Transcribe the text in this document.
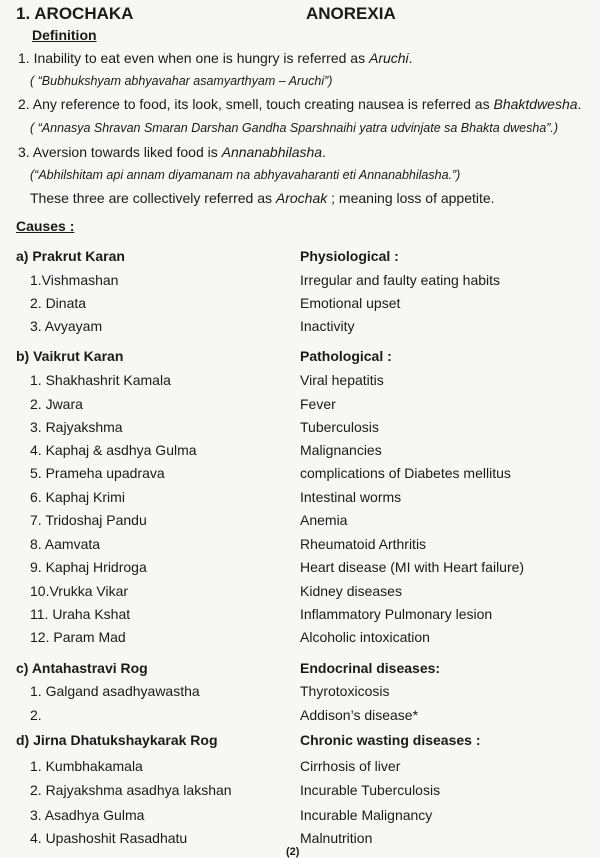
1. AROCHAKA	ANOREXIA
Definition
1. Inability to eat even when one is hungry is referred as Aruchi.
( “Bubhukshyam abhyavahar asamyarthyam – Aruchi”)
2. Any reference to food, its look, smell, touch creating nausea is referred as Bhaktdwesha.
( “Annasya Shravan Smaran Darshan Gandha Sparshnaihi yatra udvinjate sa Bhakta dwesha”.)
3. Aversion towards liked food is Annanabhilasha.
(“Abhilshitam api annam diyamanam na abhyavaharanti eti Annanabhilasha.”)
These three are collectively referred as Arochak ; meaning loss of appetite.
Causes :
a) Prakrut Karan	Physiological :
1.Vishmashan	Irregular and faulty eating habits
2. Dinata	Emotional upset
3. Avyayam	Inactivity
b) Vaikrut Karan	Pathological :
1. Shakhashrit Kamala	Viral hepatitis
2. Jwara	Fever
3. Rajyakshma	Tuberculosis
4. Kaphaj & asdhya Gulma	Malignancies
5. Prameha upadrava	complications of Diabetes mellitus
6. Kaphaj Krimi	Intestinal worms
7. Tridoshaj Pandu	Anemia
8. Aamvata	Rheumatoid Arthritis
9. Kaphaj Hridroga	Heart disease (MI with Heart failure)
10.Vrukka Vikar	Kidney diseases
11. Uraha Kshat	Inflammatory Pulmonary lesion
12. Param Mad	Alcoholic intoxication
c) Antahastravi Rog	Endocrinal diseases:
1. Galgand asadhyawastha	Thyrotoxicosis
2.	Addison’s disease*
d) Jirna Dhatukshaykarak Rog	Chronic wasting diseases :
1. Kumbhakamala	Cirrhosis of liver
2. Rajyakshma asadhya lakshan	Incurable Tuberculosis
3. Asadhya Gulma	Incurable Malignancy
4. Upashoshit Rasadhatu	Malnutrition
(2)
